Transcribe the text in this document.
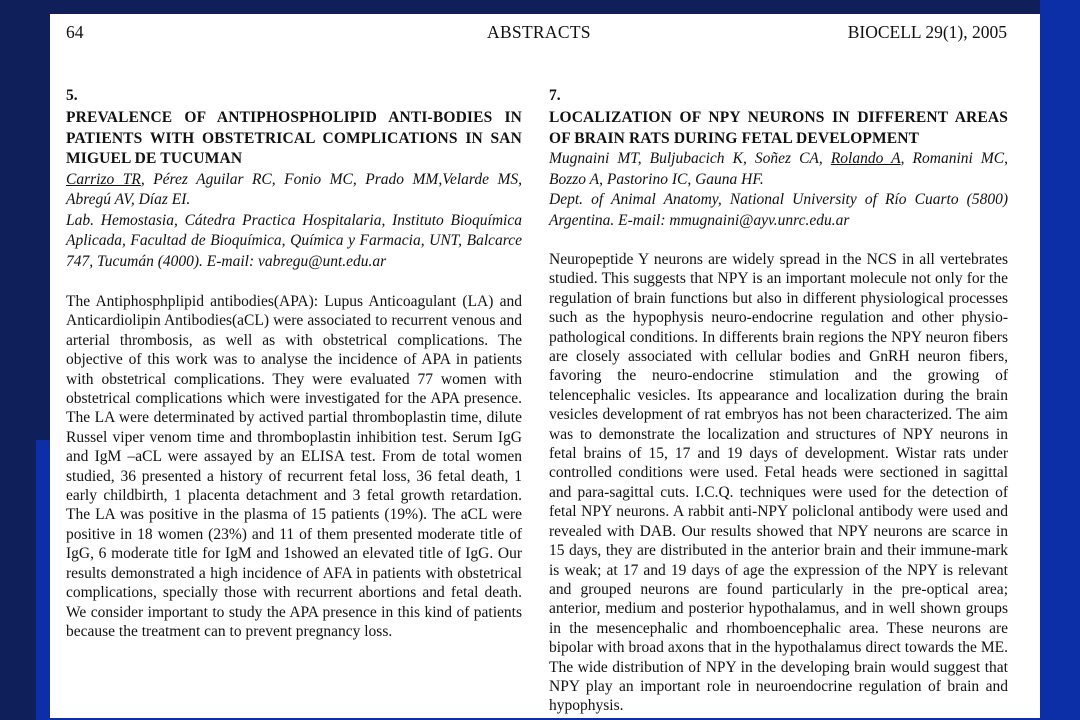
64	ABSTRACTS	BIOCELL 29(1), 2005

5.

PREVALENCE OF ANTIPHOSPHOLIPID ANTI-BODIES IN PATIENTS WITH OBSTETRICAL COMPLICATIONS IN SAN MIGUEL DE TUCUMAN

Carrizo TR, Pérez Aguilar RC, Fonio MC, Prado MM,Velarde MS, Abregú AV, Díaz EI.

Lab. Hemostasia, Cátedra Practica Hospitalaria, Instituto Bioquímica Aplicada, Facultad de Bioquímica, Química y Farmacia, UNT, Balcarce 747, Tucumán (4000). E-mail: vabregu@unt.edu.ar

The Antiphosphplipid antibodies(APA): Lupus Anticoagulant (LA) and Anticardiolipin Antibodies(aCL) were associated to recurrent venous and arterial thrombosis, as well as with obstetrical complications. The objective of this work was to analyse the incidence of APA in patients with obstetrical complications. They were evaluated 77 women with obstetrical complications which were investigated for the APA presence. The LA were determinated by actived partial thromboplastin time, dilute Russel viper venom time and thromboplastin inhibition test. Serum IgG and IgM –aCL were assayed by an ELISA test. From de total women studied, 36 presented a history of recurrent fetal loss, 36 fetal death, 1 early childbirth, 1 placenta detachment and 3 fetal growth retardation. The LA was positive in the plasma of 15 patients (19%). The aCL were positive in 18 women (23%) and 11 of them presented moderate title of IgG, 6 moderate title for IgM and 1showed an elevated title of IgG. Our results demonstrated a high incidence of AFA in patients with obstetrical complications, specially those with recurrent abortions and fetal death. We consider important to study the APA presence in this kind of patients because the treatment can to prevent pregnancy loss.

7.

LOCALIZATION OF NPY NEURONS IN DIFFERENT AREAS OF BRAIN RATS DURING FETAL DEVELOPMENT

Mugnaini MT, Buljubacich K, Soñez CA, Rolando A, Romanini MC, Bozzo A, Pastorino IC, Gauna HF.

Dept. of Animal Anatomy, National University of Río Cuarto (5800) Argentina. E-mail: mmugnaini@ayv.unrc.edu.ar

Neuropeptide Y neurons are widely spread in the NCS in all vertebrates studied. This suggests that NPY is an important molecule not only for the regulation of brain functions but also in different physiological processes such as the hypophysis neuro-endocrine regulation and other physio-pathological conditions. In differents brain regions the NPY neuron fibers are closely associated with cellular bodies and GnRH neuron fibers, favoring the neuro-endocrine stimulation and the growing of telencephalic vesicles. Its appearance and localization during the brain vesicles development of rat embryos has not been characterized. The aim was to demonstrate the localization and structures of NPY neurons in fetal brains of 15, 17 and 19 days of development. Wistar rats under controlled conditions were used. Fetal heads were sectioned in sagittal and para-sagittal cuts. I.C.Q. techniques were used for the detection of fetal NPY neurons. A rabbit anti-NPY policlonal antibody were used and revealed with DAB. Our results showed that NPY neurons are scarce in 15 days, they are distributed in the anterior brain and their immune-mark is weak; at 17 and 19 days of age the expression of the NPY is relevant and grouped neurons are found particularly in the pre-optical area; anterior, medium and posterior hypothalamus, and in well shown groups in the mesencephalic and rhomboencephalic area. These neurons are bipolar with broad axons that in the hypothalamus direct towards the ME. The wide distribution of NPY in the developing brain would suggest that NPY play an important role in neuroendocrine regulation of brain and hypophysis.
